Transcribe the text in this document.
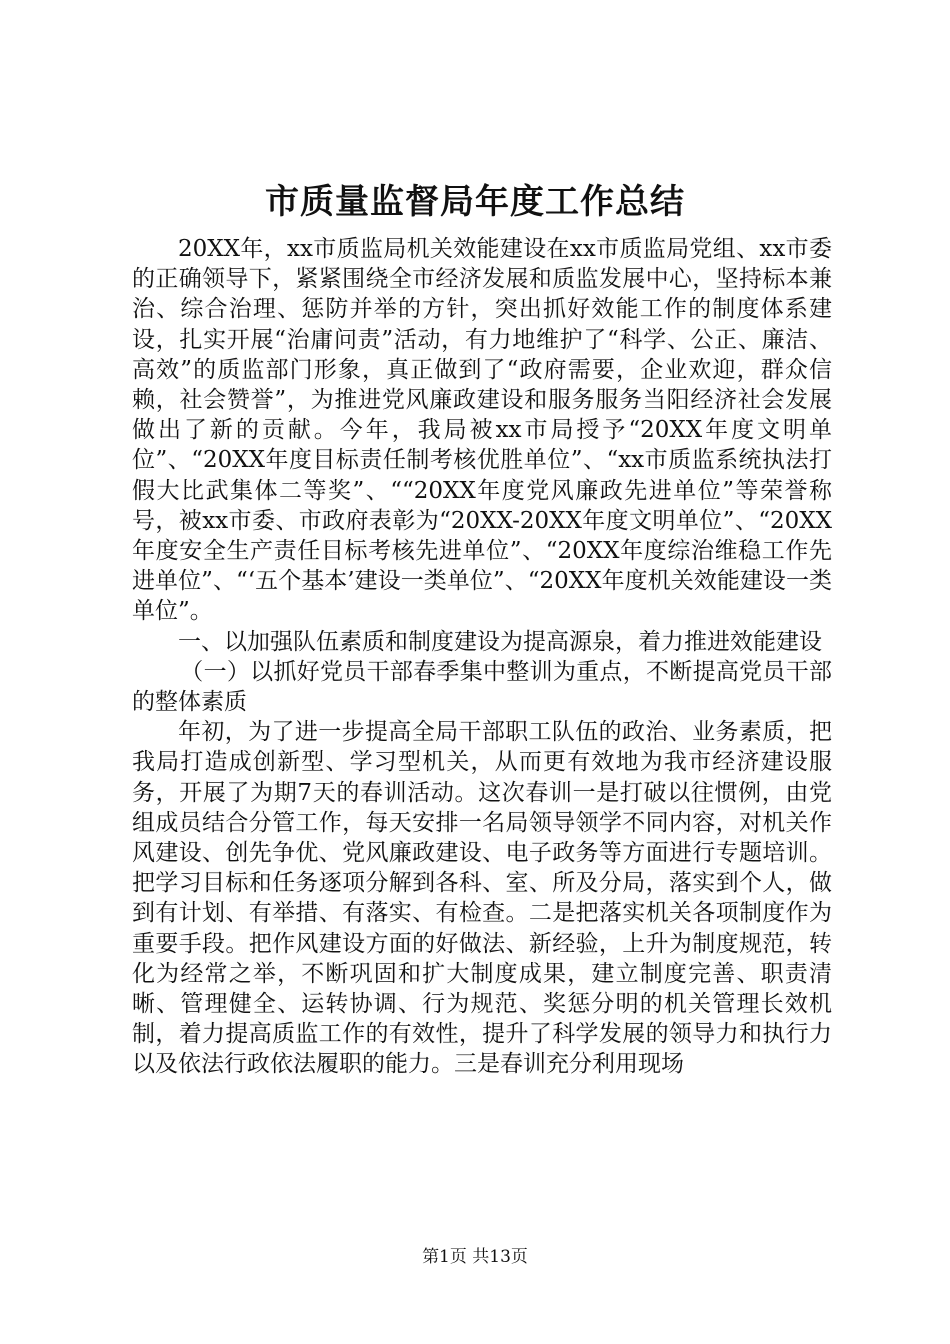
市质量监督局年度工作总结

20XX年，xx市质监局机关效能建设在xx市质监局党组、xx市委的正确领导下，紧紧围绕全市经济发展和质监发展中心，坚持标本兼治、综合治理、惩防并举的方针，突出抓好效能工作的制度体系建设，扎实开展“治庸问责”活动，有力地维护了“科学、公正、廉洁、高效”的质监部门形象，真正做到了“政府需要，企业欢迎，群众信赖，社会赞誉”，为推进党风廉政建设和服务服务当阳经济社会发展做出了新的贡献。今年，我局被xx市局授予“20XX年度文明单位”、“20XX年度目标责任制考核优胜单位”、“xx市质监系统执法打假大比武集体二等奖”、““20XX年度党风廉政先进单位”等荣誉称号，被xx市委、市政府表彰为“20XX-20XX年度文明单位”、“20XX年度安全生产责任目标考核先进单位”、“20XX年度综治维稳工作先进单位”、“‘五个基本’建设一类单位”、“20XX年度机关效能建设一类单位”。

一、以加强队伍素质和制度建设为提高源泉，着力推进效能建设

（一）以抓好党员干部春季集中整训为重点，不断提高党员干部的整体素质

年初，为了进一步提高全局干部职工队伍的政治、业务素质，把我局打造成创新型、学习型机关，从而更有效地为我市经济建设服务，开展了为期7天的春训活动。这次春训一是打破以往惯例，由党组成员结合分管工作，每天安排一名局领导领学不同内容，对机关作风建设、创先争优、党风廉政建设、电子政务等方面进行专题培训。把学习目标和任务逐项分解到各科、室、所及分局，落实到个人，做到有计划、有举措、有落实、有检查。二是把落实机关各项制度作为重要手段。把作风建设方面的好做法、新经验，上升为制度规范，转化为经常之举，不断巩固和扩大制度成果，建立制度完善、职责清晰、管理健全、运转协调、行为规范、奖惩分明的机关管理长效机制，着力提高质监工作的有效性，提升了科学发展的领导力和执行力以及依法行政依法履职的能力。三是春训充分利用现场

第1页 共13页
